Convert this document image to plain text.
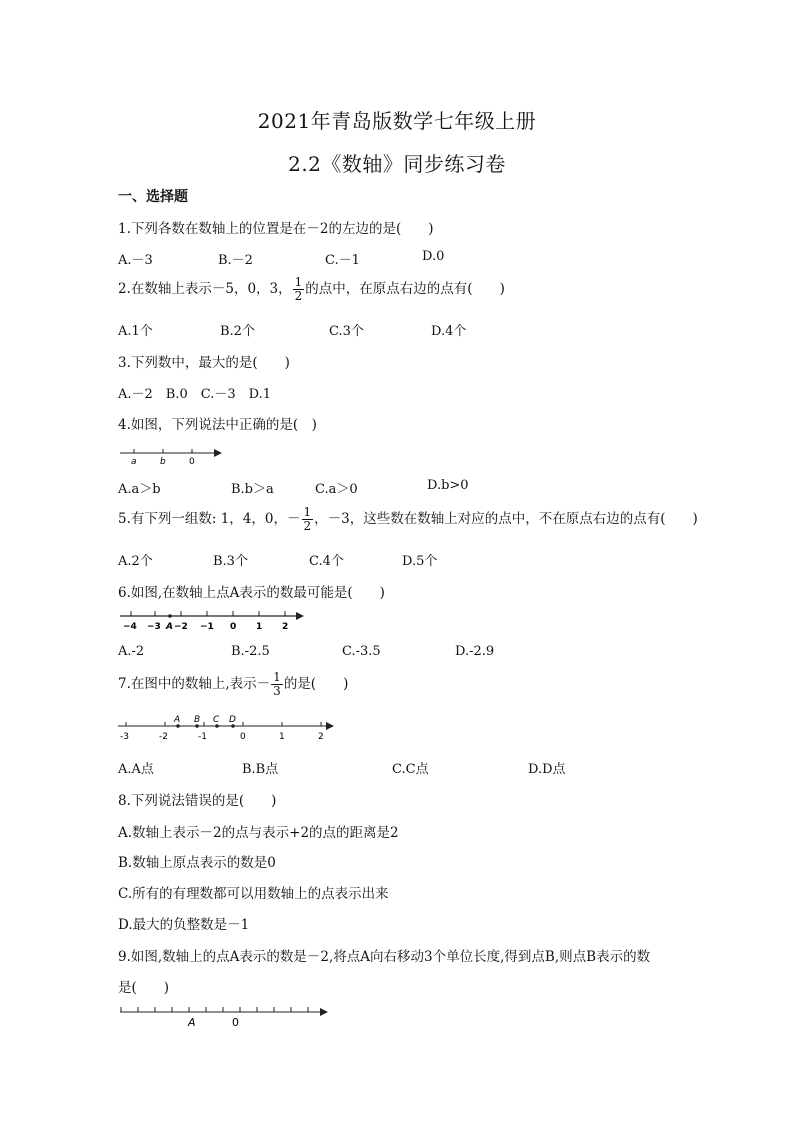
2021年青岛版数学七年级上册
2.2《数轴》同步练习卷
一、选择题
1.下列各数在数轴上的位置是在－2的左边的是(　　)
A.－3	B.－2	C.－1	D.0
2.在数轴上表示－5，0，3， $\frac{1}{2}$ 的点中，在原点右边的点有(　　)
A.1个	B.2个	C.3个	D.4个
3.下列数中，最大的是(　　)
A.－2　B.0　C.－3　D.1
4.如图，下列说法中正确的是(　)
a	b	0
A.a＞b	B.b＞a	C.a＞0	D.b>0
5.有下列一组数: 1，4，0，－ $\frac{1}{2}$ ，－3，这些数在数轴上对应的点中，不在原点右边的点有(　　)
A.2个	B.3个	C.4个	D.5个
6.如图,在数轴上点A表示的数最可能是(　　)
−4 −3 A −2 −1 0 1 2
A.-2	B.-2.5	C.-3.5	D.-2.9
7.在图中的数轴上,表示－ $\frac{1}{3}$ 的是(　　)
A B C D
-3	-2	-1	0	1	2
A.A点	B.B点	C.C点	D.D点
8.下列说法错误的是(　　)
A.数轴上表示－2的点与表示+2的点的距离是2
B.数轴上原点表示的数是0
C.所有的有理数都可以用数轴上的点表示出来
D.最大的负整数是－1
9.如图,数轴上的点A表示的数是－2,将点A向右移动3个单位长度,得到点B,则点B表示的数
是(　　)
A	0
